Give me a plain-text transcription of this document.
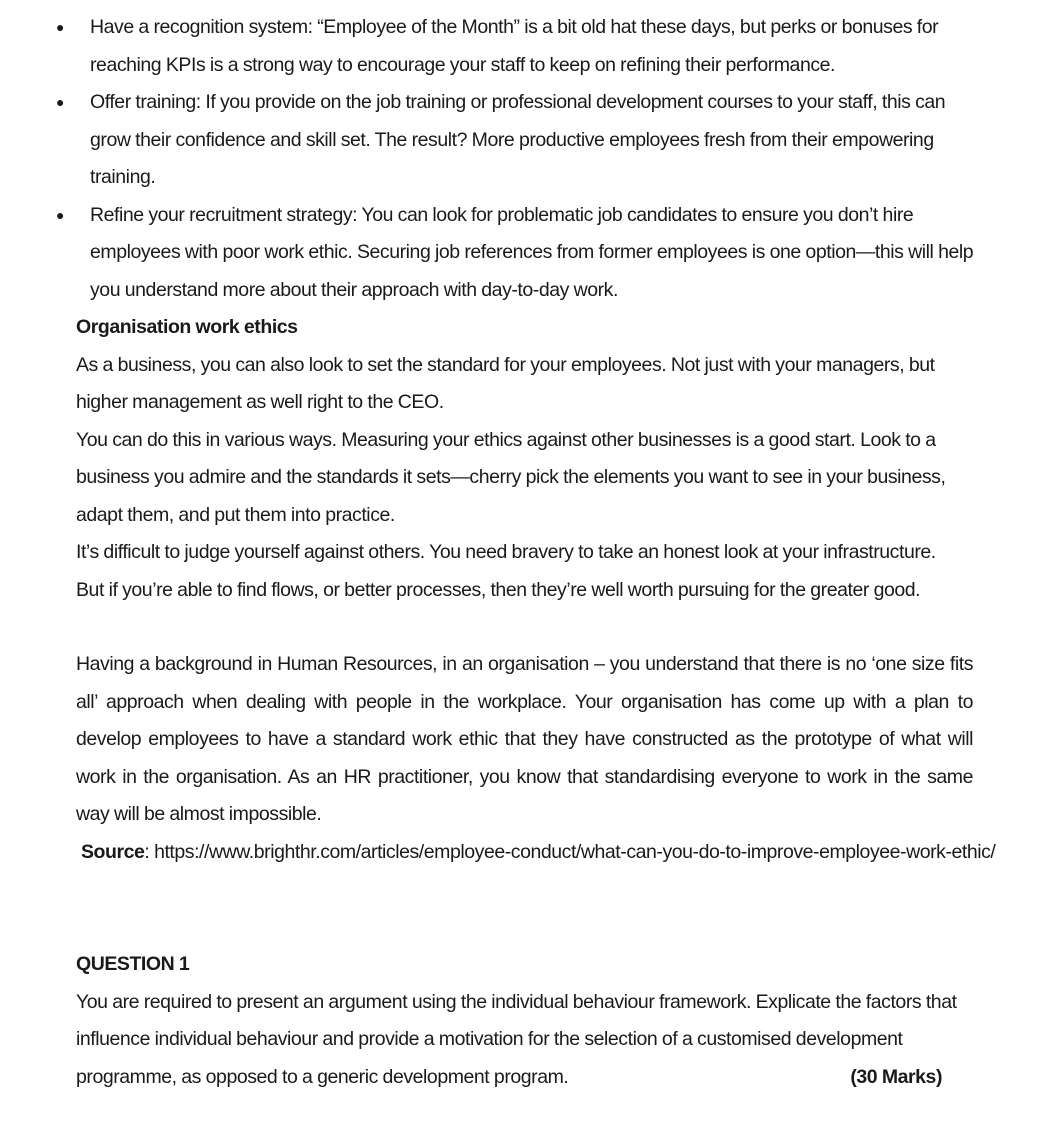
● Have a recognition system: “Employee of the Month” is a bit old hat these days, but perks or bonuses for reaching KPIs is a strong way to encourage your staff to keep on refining their performance.
● Offer training: If you provide on the job training or professional development courses to your staff, this can grow their confidence and skill set. The result? More productive employees fresh from their empowering training.
● Refine your recruitment strategy: You can look for problematic job candidates to ensure you don’t hire employees with poor work ethic. Securing job references from former employees is one option—this will help you understand more about their approach with day-to-day work.
Organisation work ethics
As a business, you can also look to set the standard for your employees. Not just with your managers, but higher management as well right to the CEO.
You can do this in various ways. Measuring your ethics against other businesses is a good start. Look to a business you admire and the standards it sets—cherry pick the elements you want to see in your business, adapt them, and put them into practice.
It’s difficult to judge yourself against others. You need bravery to take an honest look at your infrastructure.
But if you’re able to find flows, or better processes, then they’re well worth pursuing for the greater good.
Having a background in Human Resources, in an organisation – you understand that there is no ‘one size fits all’ approach when dealing with people in the workplace. Your organisation has come up with a plan to develop employees to have a standard work ethic that they have constructed as the prototype of what will work in the organisation. As an HR practitioner, you know that standardising everyone to work in the same way will be almost impossible.
Source: https://www.brighthr.com/articles/employee-conduct/what-can-you-do-to-improve-employee-work-ethic/
QUESTION 1
You are required to present an argument using the individual behaviour framework. Explicate the factors that
influence individual behaviour and provide a motivation for the selection of a customised development
programme, as opposed to a generic development program.	(30 Marks)
